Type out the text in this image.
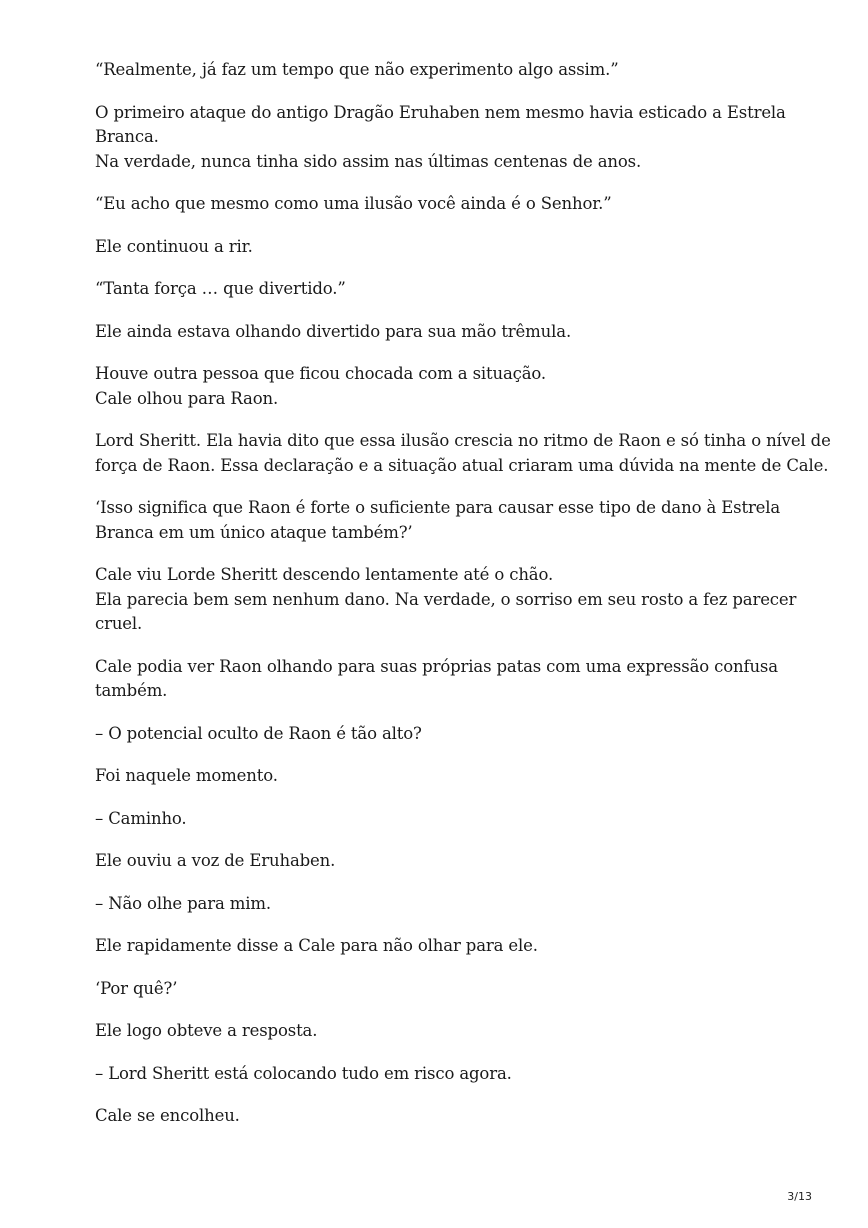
“Realmente, já faz um tempo que não experimento algo assim.”

O primeiro ataque do antigo Dragão Eruhaben nem mesmo havia esticado a Estrela
Branca.
Na verdade, nunca tinha sido assim nas últimas centenas de anos.

“Eu acho que mesmo como uma ilusão você ainda é o Senhor.”

Ele continuou a rir.

“Tanta força … que divertido.”

Ele ainda estava olhando divertido para sua mão trêmula.

Houve outra pessoa que ficou chocada com a situação.
Cale olhou para Raon.

Lord Sheritt. Ela havia dito que essa ilusão crescia no ritmo de Raon e só tinha o nível de
força de Raon. Essa declaração e a situação atual criaram uma dúvida na mente de Cale.

‘Isso significa que Raon é forte o suficiente para causar esse tipo de dano à Estrela
Branca em um único ataque também?’

Cale viu Lorde Sheritt descendo lentamente até o chão.
Ela parecia bem sem nenhum dano. Na verdade, o sorriso em seu rosto a fez parecer
cruel.

Cale podia ver Raon olhando para suas próprias patas com uma expressão confusa
também.

– O potencial oculto de Raon é tão alto?

Foi naquele momento.

– Caminho.

Ele ouviu a voz de Eruhaben.

– Não olhe para mim.

Ele rapidamente disse a Cale para não olhar para ele.

‘Por quê?’

Ele logo obteve a resposta.

– Lord Sheritt está colocando tudo em risco agora.

Cale se encolheu.

3/13
